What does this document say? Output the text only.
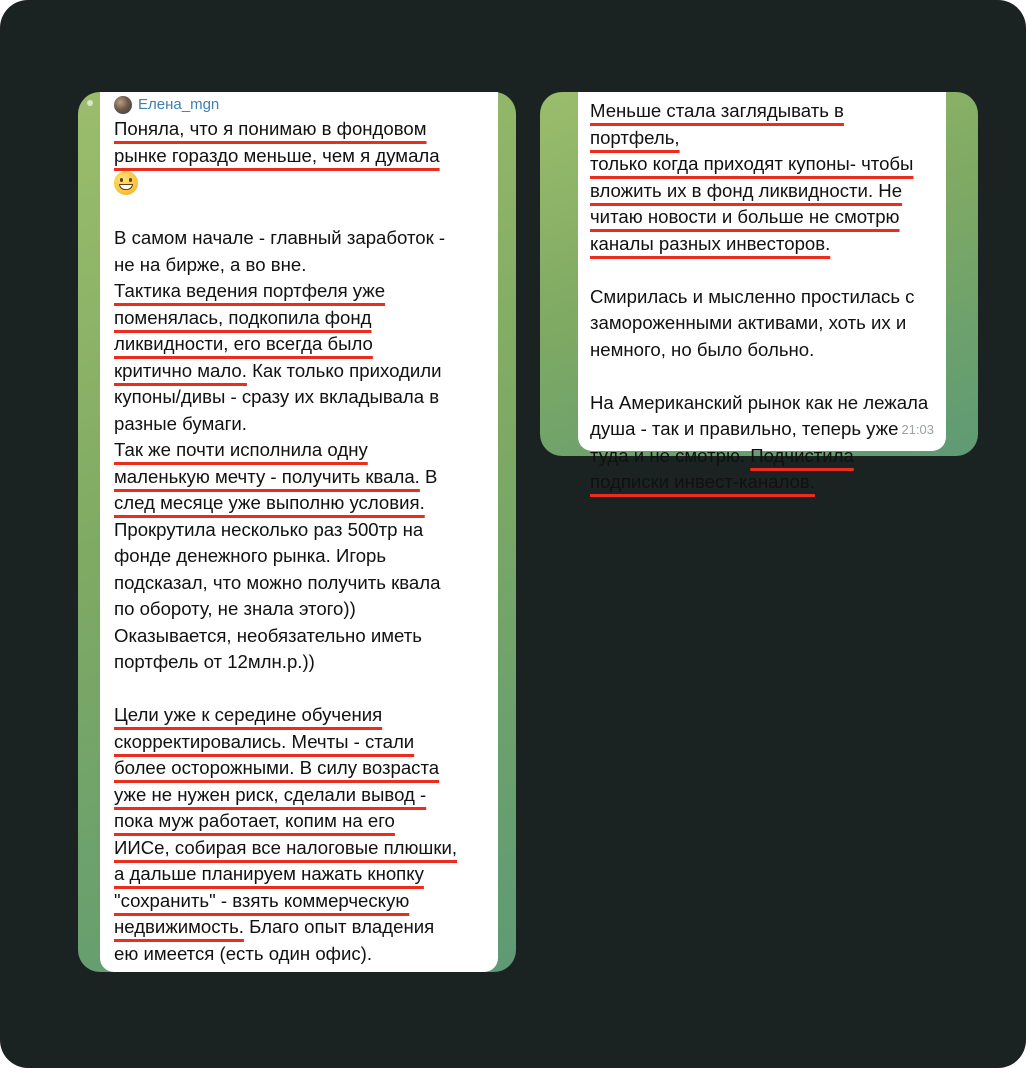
Елена_mgn
Поняла, что я понимаю в фондовом
рынке гораздо меньше, чем я думала
В самом начале - главный заработок -
не на бирже, а во вне.
Тактика ведения портфеля уже
поменялась, подкопила фонд
ликвидности, его всегда было
критично мало. Как только приходили
купоны/дивы - сразу их вкладывала в
разные бумаги.
Так же почти исполнила одну
маленькую мечту - получить квала. В
след месяце уже выполню условия.
Прокрутила несколько раз 500тр на
фонде денежного рынка. Игорь
подсказал, что можно получить квала
по обороту, не знала этого))
Оказывается, необязательно иметь
портфель от 12млн.р.))
Цели уже к середине обучения
скорректировались. Мечты - стали
более осторожными. В силу возраста
уже не нужен риск, сделали вывод -
пока муж работает, копим на его
ИИСе, собирая все налоговые плюшки,
а дальше планируем нажать кнопку
"сохранить" - взять коммерческую
недвижимость. Благо опыт владения
ею имеется (есть один офис).
Меньше стала заглядывать в портфель,
только когда приходят купоны- чтобы
вложить их в фонд ликвидности. Не
читаю новости и больше не смотрю
каналы разных инвесторов.
Смирилась и мысленно простилась с
замороженными активами, хоть их и
немного, но было больно.
На Американский рынок как не лежала
душа - так и правильно, теперь уже
туда и не смотрю. Подчистила
подписки инвест-каналов.
21:03
